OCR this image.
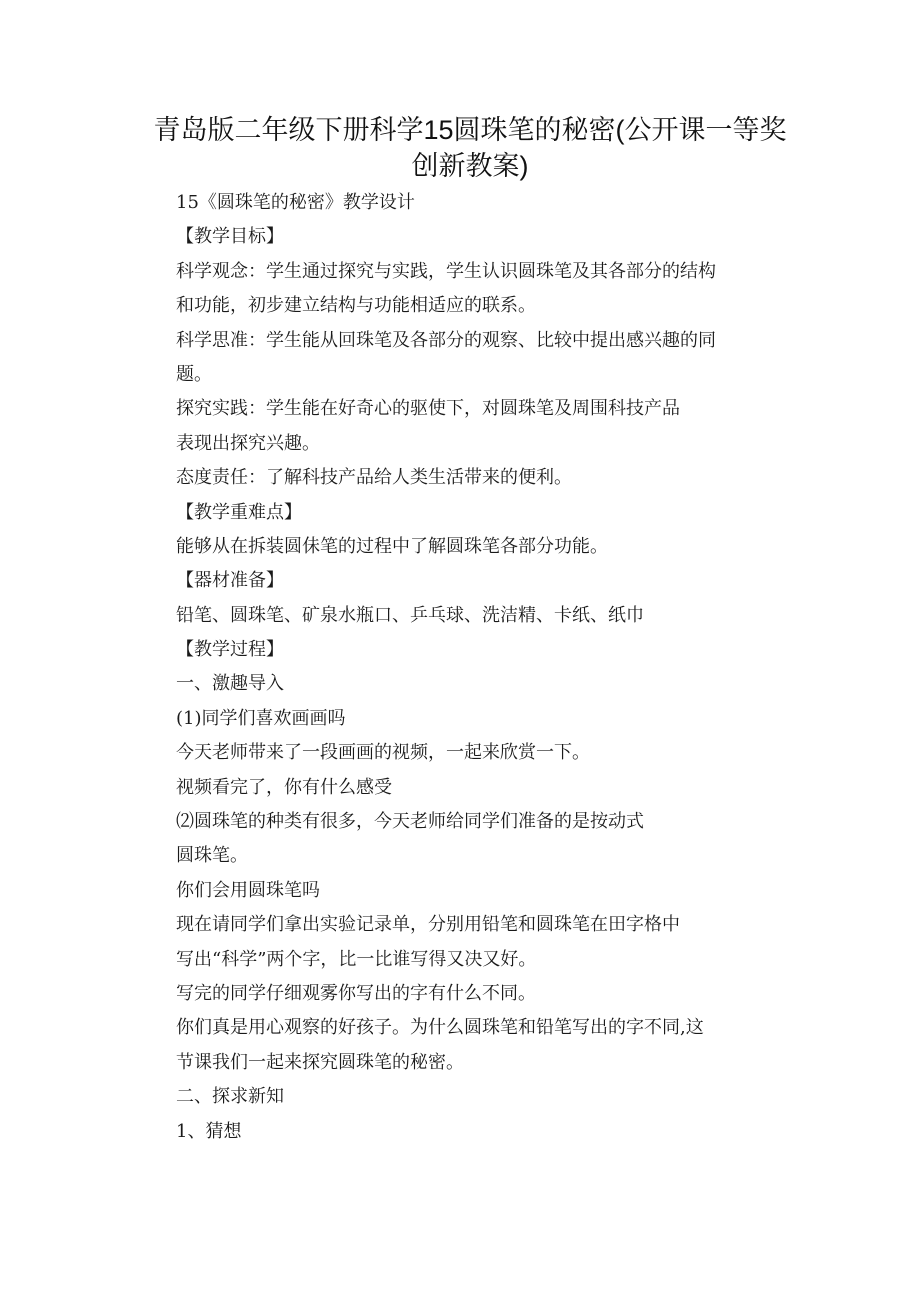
青岛版二年级下册科学15圆珠笔的秘密(公开课一等奖
创新教案)
15《圆珠笔的秘密》教学设计
【教学目标】
科学观念：学生通过探究与实践，学生认识圆珠笔及其各部分的结构
和功能，初步建立结构与功能相适应的联系。
科学思准：学生能从回珠笔及各部分的观察、比较中提出感兴趣的同
题。
探究实践：学生能在好奇心的驱使下，对圆珠笔及周围科技产品
表现出探究兴趣。
态度责任：了解科技产品给人类生活带来的便利。
【教学重难点】
能够从在拆装圆佅笔的过程中了解圆珠笔各部分功能。
【器材准备】
铅笔、圆珠笔、矿泉水瓶口、乒乓球、洗洁精、卡纸、纸巾
【教学过程】
一、激趣导入
(1)同学们喜欢画画吗
今天老师带来了一段画画的视频，一起来欣赏一下。
视频看完了，你有什么感受
⑵圆珠笔的种类有很多，今天老师给同学们准备的是按动式
圆珠笔。
你们会用圆珠笔吗
现在请同学们拿出实验记录单，分别用铅笔和圆珠笔在田字格中
写出“科学”两个字，比一比谁写得又决又好。
写完的同学仔细观雾你写出的字有什么不同。
你们真是用心观察的好孩子。为什么圆珠笔和铅笔写出的字不同,这
节课我们一起来探究圆珠笔的秘密。
二、探求新知
1、猜想
